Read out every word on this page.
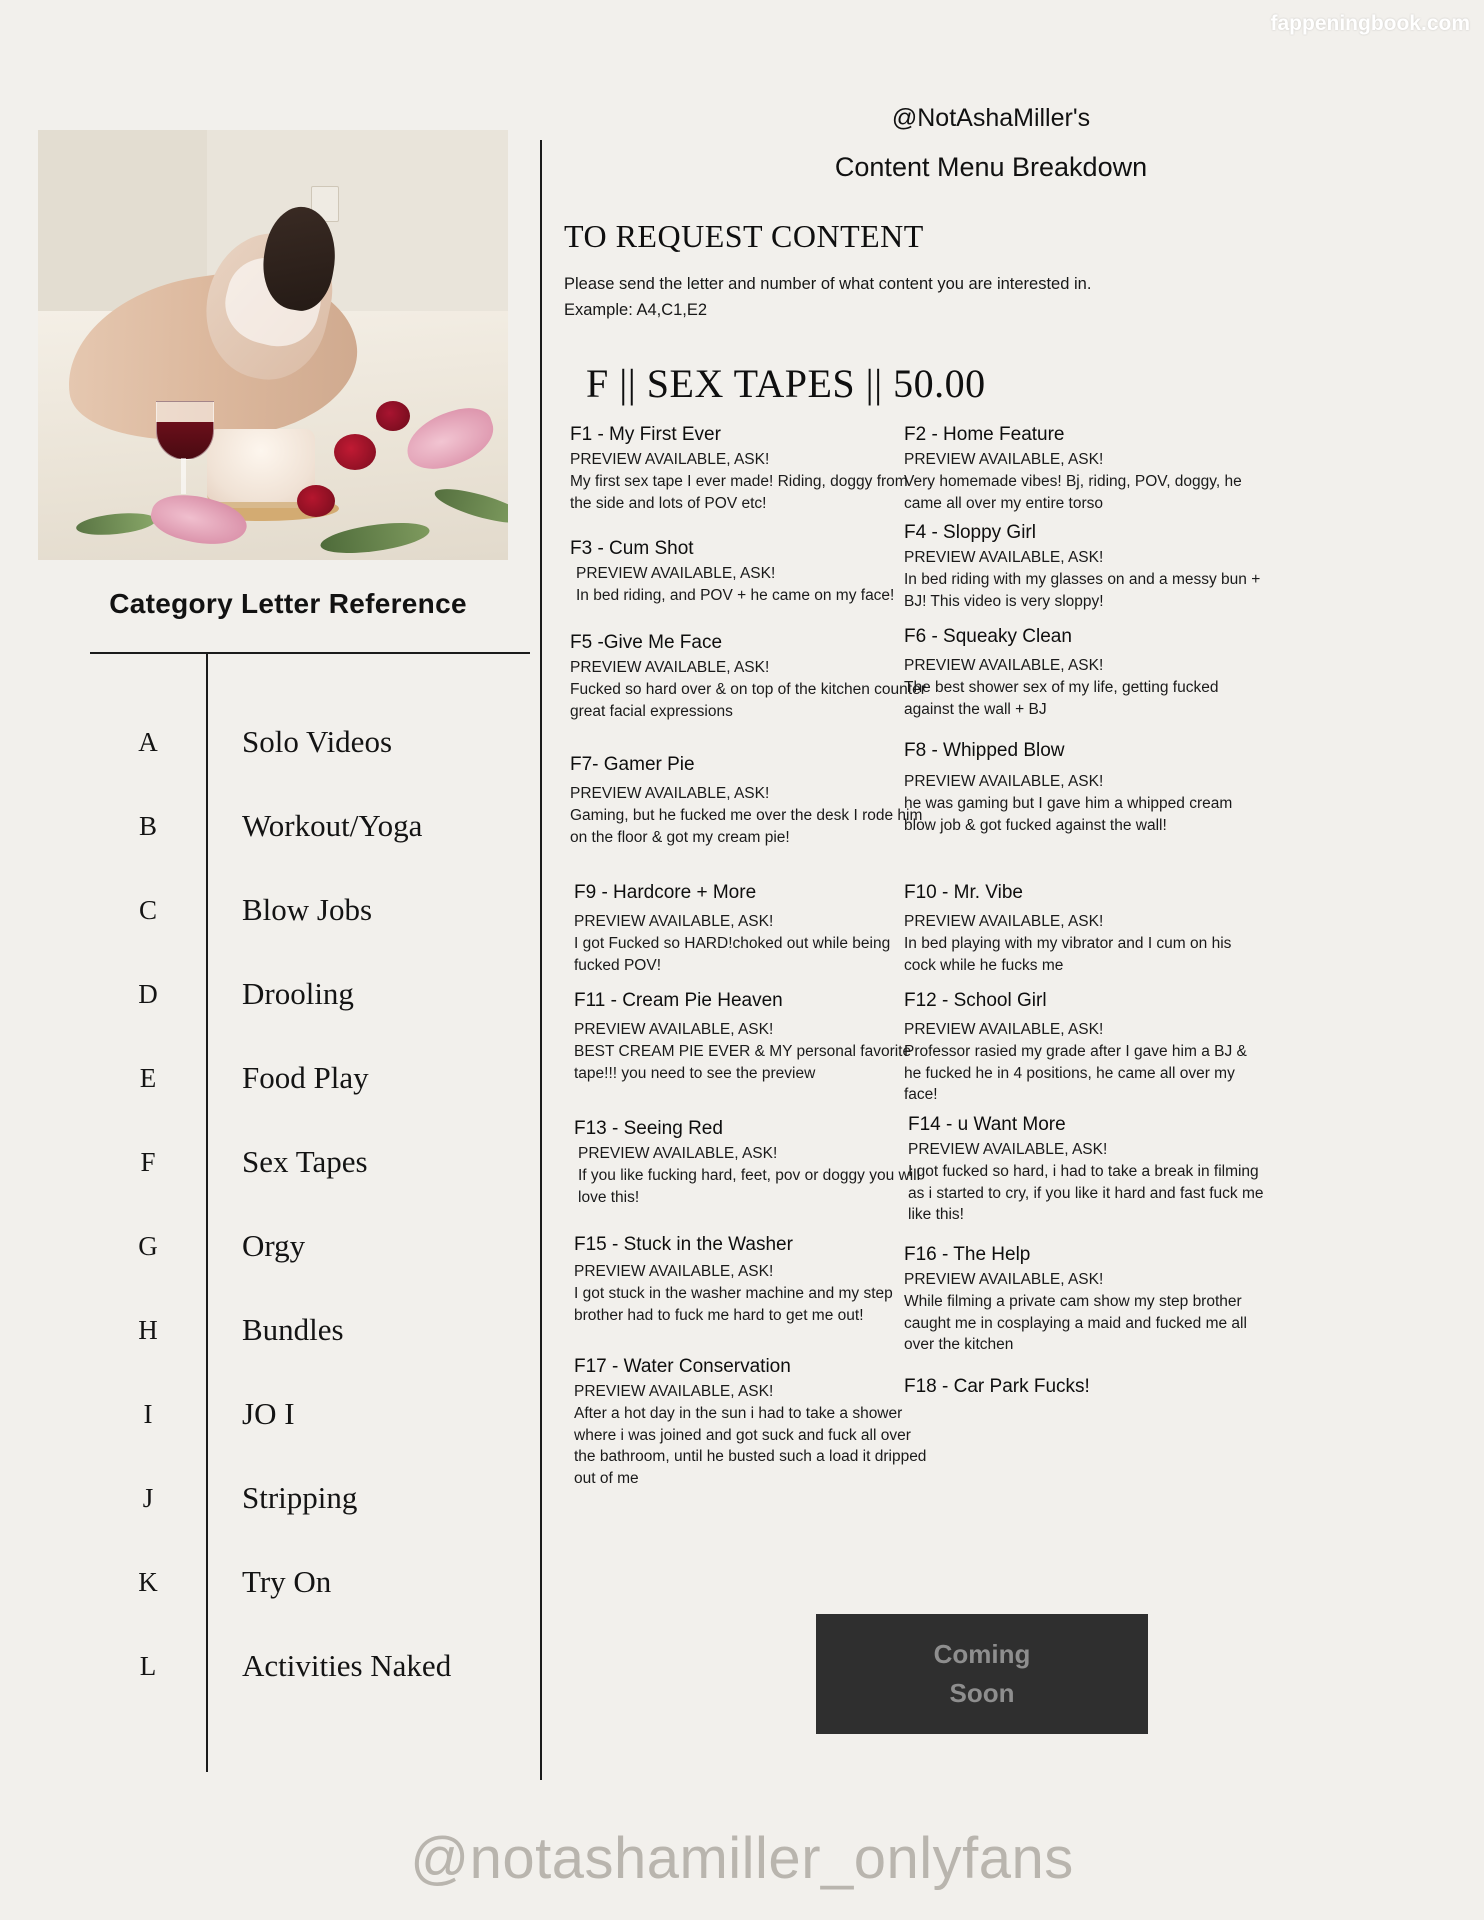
fappeningbook.com
Category Letter Reference
A	Solo Videos
B	Workout/Yoga
C	Blow Jobs
D	Drooling
E	Food Play
F	Sex Tapes
G	Orgy
H	Bundles
I	JO I
J	Stripping
K	Try On
L	Activities Naked
@NotAshaMiller's
Content Menu Breakdown
TO REQUEST CONTENT
Please send the letter and number of what content you are interested in. Example: A4,C1,E2
F || SEX TAPES || 50.00
F1 - My First Ever

PREVIEW AVAILABLE, ASK!

My first sex tape I ever made! Riding, doggy from the side and lots of POV etc!

F3 - Cum Shot

PREVIEW AVAILABLE, ASK!

In bed riding, and POV + he came on my face!

F5 -Give Me Face

PREVIEW AVAILABLE, ASK!

Fucked so hard over & on top of the kitchen counter great facial expressions

F7- Gamer Pie

PREVIEW AVAILABLE, ASK!

Gaming, but he fucked me over the desk I rode him on the floor & got my cream pie!

F9 - Hardcore + More

PREVIEW AVAILABLE, ASK!

I got Fucked so HARD!choked out while being fucked POV!

F11 - Cream Pie Heaven

PREVIEW AVAILABLE, ASK!

BEST CREAM PIE EVER & MY personal favorite tape!!! you need to see the preview

F13 - Seeing Red

PREVIEW AVAILABLE, ASK!

If you like fucking hard, feet, pov or doggy you will love this!

F15 - Stuck in the Washer

PREVIEW AVAILABLE, ASK!

I got stuck in the washer machine and my step brother had to fuck me hard to get me out!

F17 - Water Conservation

PREVIEW AVAILABLE, ASK!

After a hot day in the sun i had to take a shower where i was joined and got suck and fuck all over the bathroom, until he busted such a load it dripped out of me

F2 - Home Feature

PREVIEW AVAILABLE, ASK!

Very homemade vibes! Bj, riding, POV, doggy, he came all over my entire torso

F4 - Sloppy Girl

PREVIEW AVAILABLE, ASK!

In bed riding with my glasses on and a messy bun + BJ! This video is very sloppy!

F6 - Squeaky Clean

PREVIEW AVAILABLE, ASK!

The best shower sex of my life, getting fucked against the wall + BJ

F8 - Whipped Blow

PREVIEW AVAILABLE, ASK!

he was gaming but I gave him a whipped cream blow job & got fucked against the wall!

F10 - Mr. Vibe

PREVIEW AVAILABLE, ASK!

In bed playing with my vibrator and I cum on his cock while he fucks me

F12 - School Girl

PREVIEW AVAILABLE, ASK!

Professor rasied my grade after I gave him a BJ & he fucked he in 4 positions, he came all over my face!

F14 - u Want More

PREVIEW AVAILABLE, ASK!

I got fucked so hard, i had to take a break in filming as i started to cry, if you like it hard and fast fuck me like this!

F16 - The Help

PREVIEW AVAILABLE, ASK!

While filming a private cam show my step brother caught me in cosplaying a maid and fucked me all over the kitchen

F18 - Car Park Fucks!
Coming
Soon
@notashamiller_onlyfans
